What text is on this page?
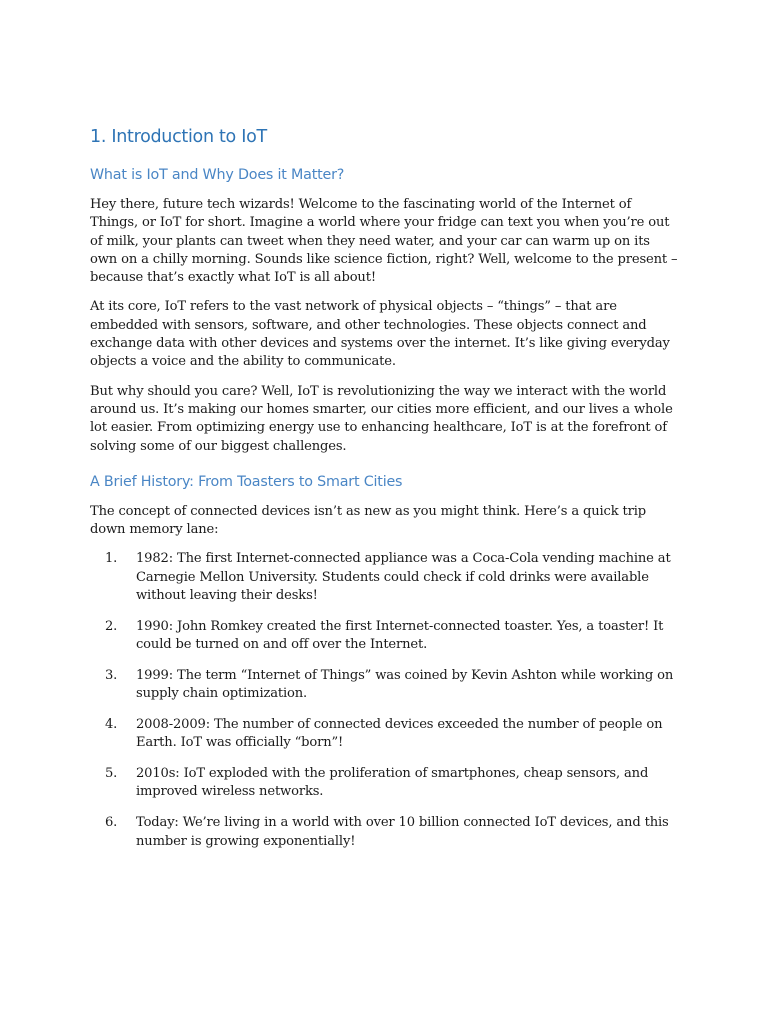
1. Introduction to IoT
What is IoT and Why Does it Matter?

Hey there, future tech wizards! Welcome to the fascinating world of the Internet of Things, or IoT for short. Imagine a world where your fridge can text you when you’re out of milk, your plants can tweet when they need water, and your car can warm up on its own on a chilly morning. Sounds like science fiction, right? Well, welcome to the present – because that’s exactly what IoT is all about!

At its core, IoT refers to the vast network of physical objects – “things” – that are embedded with sensors, software, and other technologies. These objects connect and exchange data with other devices and systems over the internet. It’s like giving everyday objects a voice and the ability to communicate.

But why should you care? Well, IoT is revolutionizing the way we interact with the world around us. It’s making our homes smarter, our cities more efficient, and our lives a whole lot easier. From optimizing energy use to enhancing healthcare, IoT is at the forefront of solving some of our biggest challenges.

A Brief History: From Toasters to Smart Cities

The concept of connected devices isn’t as new as you might think. Here’s a quick trip down memory lane:

1. 1982: The first Internet-connected appliance was a Coca-Cola vending machine at Carnegie Mellon University. Students could check if cold drinks were available without leaving their desks!
2. 1990: John Romkey created the first Internet-connected toaster. Yes, a toaster! It could be turned on and off over the Internet.
3. 1999: The term “Internet of Things” was coined by Kevin Ashton while working on supply chain optimization.
4. 2008-2009: The number of connected devices exceeded the number of people on Earth. IoT was officially “born”!
5. 2010s: IoT exploded with the proliferation of smartphones, cheap sensors, and improved wireless networks.
6. Today: We’re living in a world with over 10 billion connected IoT devices, and this number is growing exponentially!
